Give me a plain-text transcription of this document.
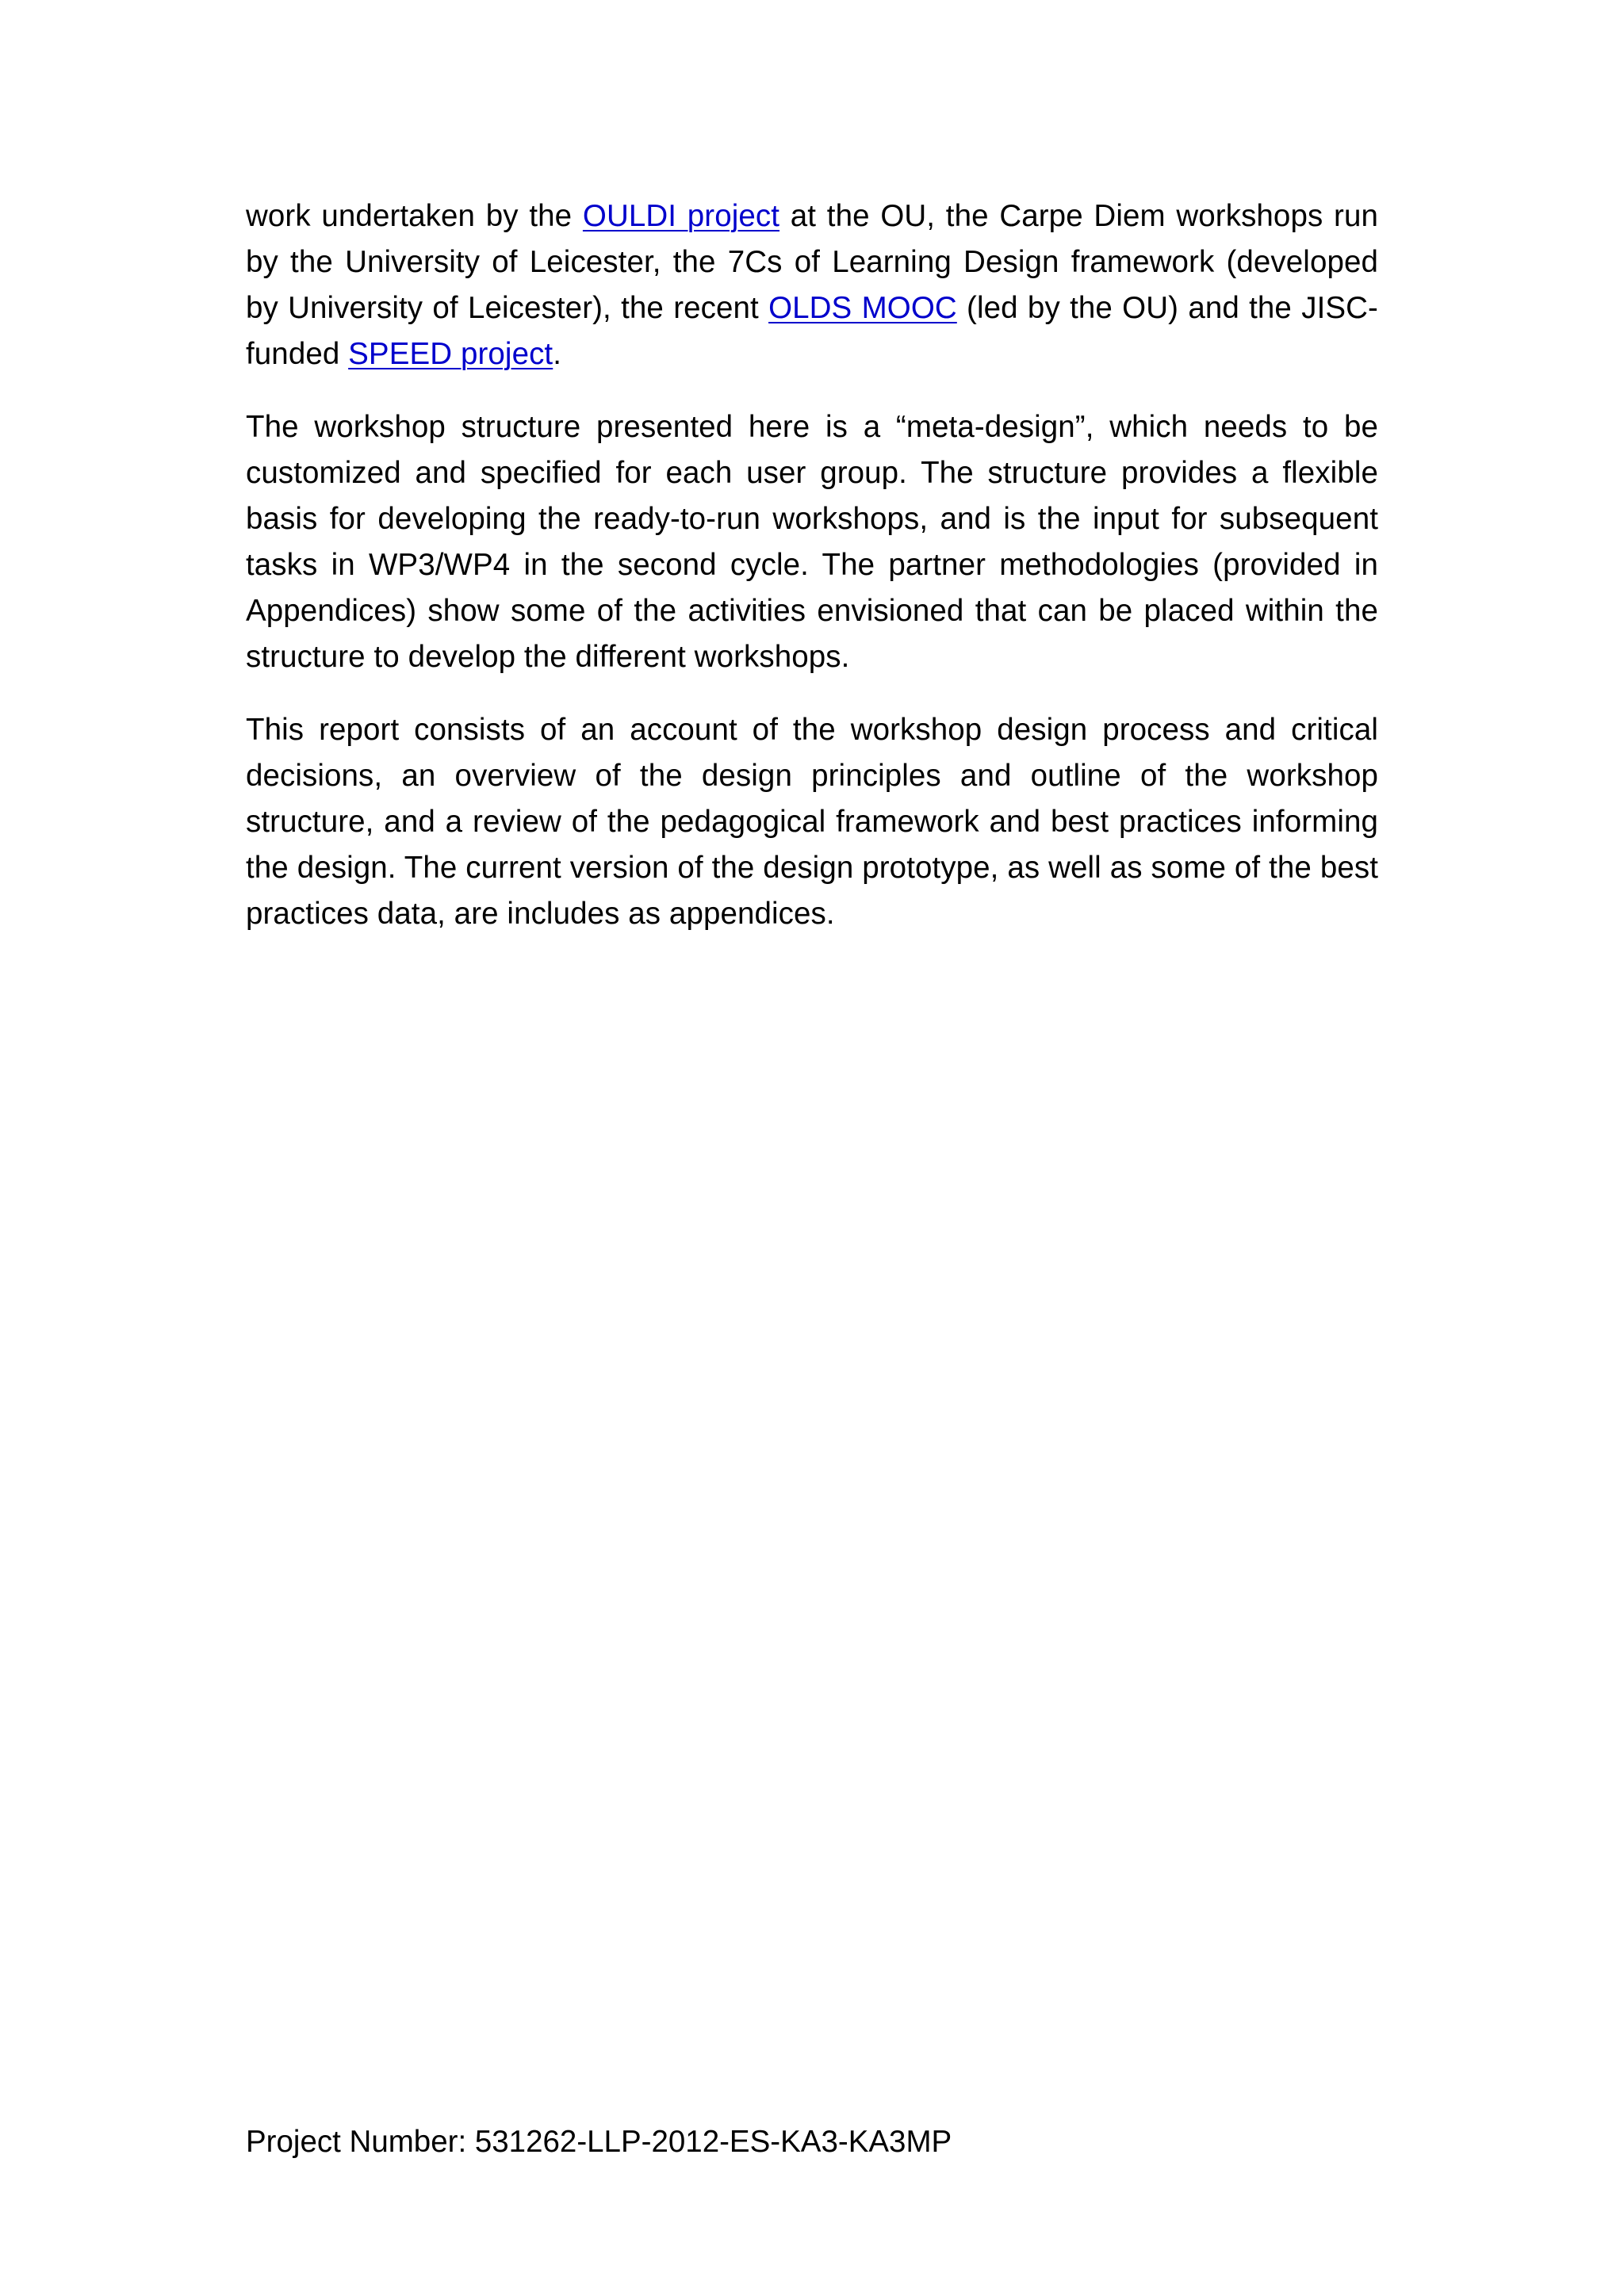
work undertaken by the OULDI project at the OU, the Carpe Diem workshops run by the University of Leicester, the 7Cs of Learning Design framework (developed by University of Leicester), the recent OLDS MOOC (led by the OU) and the JISC-funded SPEED project.

The workshop structure presented here is a “meta-design”, which needs to be customized and specified for each user group. The structure provides a flexible basis for developing the ready-to-run workshops, and is the input for subsequent tasks in WP3/WP4 in the second cycle. The partner methodologies (provided in Appendices) show some of the activities envisioned that can be placed within the structure to develop the different workshops.

This report consists of an account of the workshop design process and critical decisions, an overview of the design principles and outline of the workshop structure, and a review of the pedagogical framework and best practices informing the design. The current version of the design prototype, as well as some of the best practices data, are includes as appendices.

Project Number: 531262-LLP-2012-ES-KA3-KA3MP
